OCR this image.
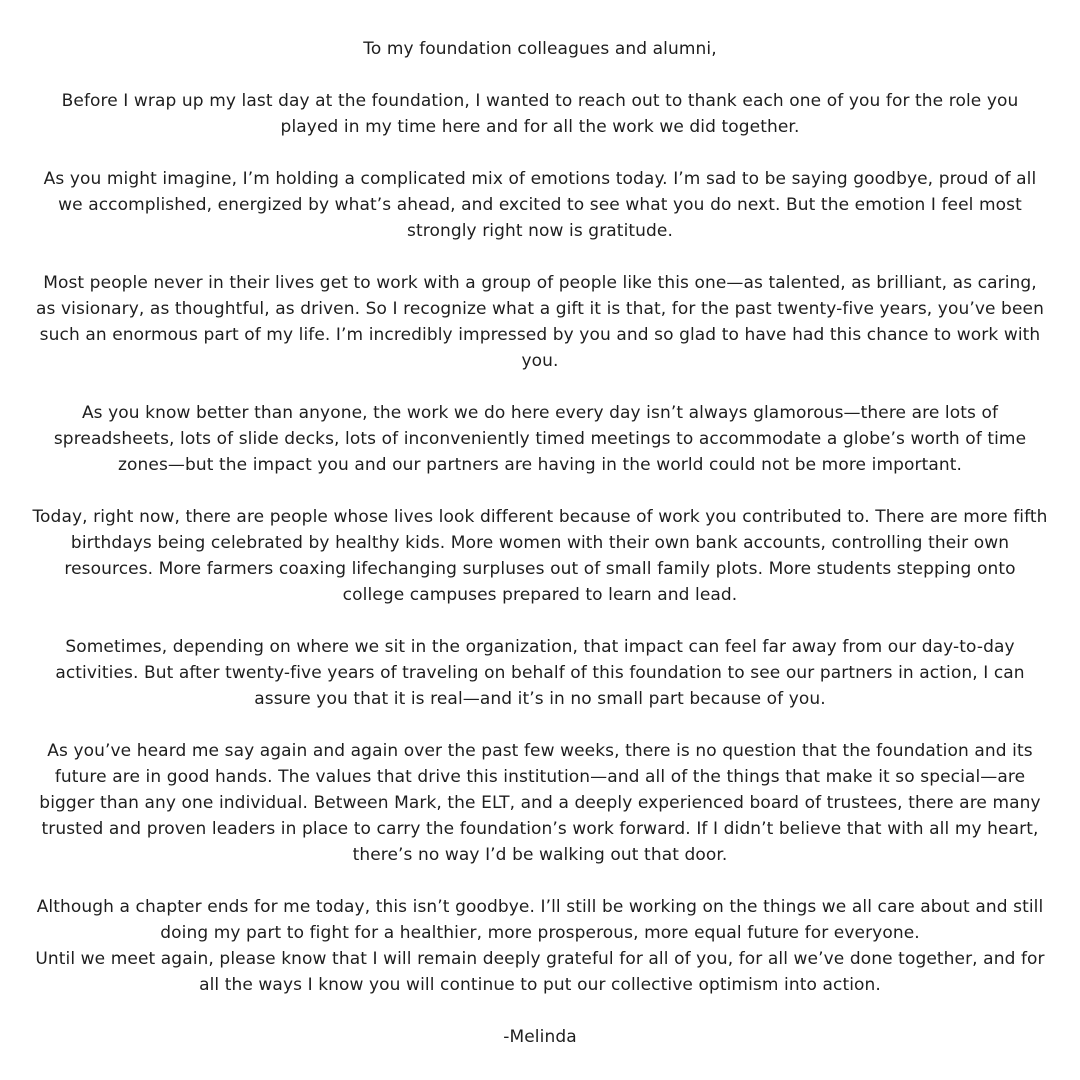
To my foundation colleagues and alumni,

Before I wrap up my last day at the foundation, I wanted to reach out to thank each one of you for the role you played in my time here and for all the work we did together.

As you might imagine, I’m holding a complicated mix of emotions today. I’m sad to be saying goodbye, proud of all we accomplished, energized by what’s ahead, and excited to see what you do next. But the emotion I feel most strongly right now is gratitude.

Most people never in their lives get to work with a group of people like this one—as talented, as brilliant, as caring, as visionary, as thoughtful, as driven. So I recognize what a gift it is that, for the past twenty-five years, you’ve been such an enormous part of my life. I’m incredibly impressed by you and so glad to have had this chance to work with you.

As you know better than anyone, the work we do here every day isn’t always glamorous—there are lots of spreadsheets, lots of slide decks, lots of inconveniently timed meetings to accommodate a globe’s worth of time zones—but the impact you and our partners are having in the world could not be more important.

Today, right now, there are people whose lives look different because of work you contributed to. There are more fifth birthdays being celebrated by healthy kids. More women with their own bank accounts, controlling their own resources. More farmers coaxing lifechanging surpluses out of small family plots. More students stepping onto college campuses prepared to learn and lead.

Sometimes, depending on where we sit in the organization, that impact can feel far away from our day-to-day activities. But after twenty-five years of traveling on behalf of this foundation to see our partners in action, I can assure you that it is real—and it’s in no small part because of you.

As you’ve heard me say again and again over the past few weeks, there is no question that the foundation and its future are in good hands. The values that drive this institution—and all of the things that make it so special—are bigger than any one individual. Between Mark, the ELT, and a deeply experienced board of trustees, there are many trusted and proven leaders in place to carry the foundation’s work forward. If I didn’t believe that with all my heart, there’s no way I’d be walking out that door.

Although a chapter ends for me today, this isn’t goodbye. I’ll still be working on the things we all care about and still doing my part to fight for a healthier, more prosperous, more equal future for everyone.

Until we meet again, please know that I will remain deeply grateful for all of you, for all we’ve done together, and for all the ways I know you will continue to put our collective optimism into action.

-Melinda
